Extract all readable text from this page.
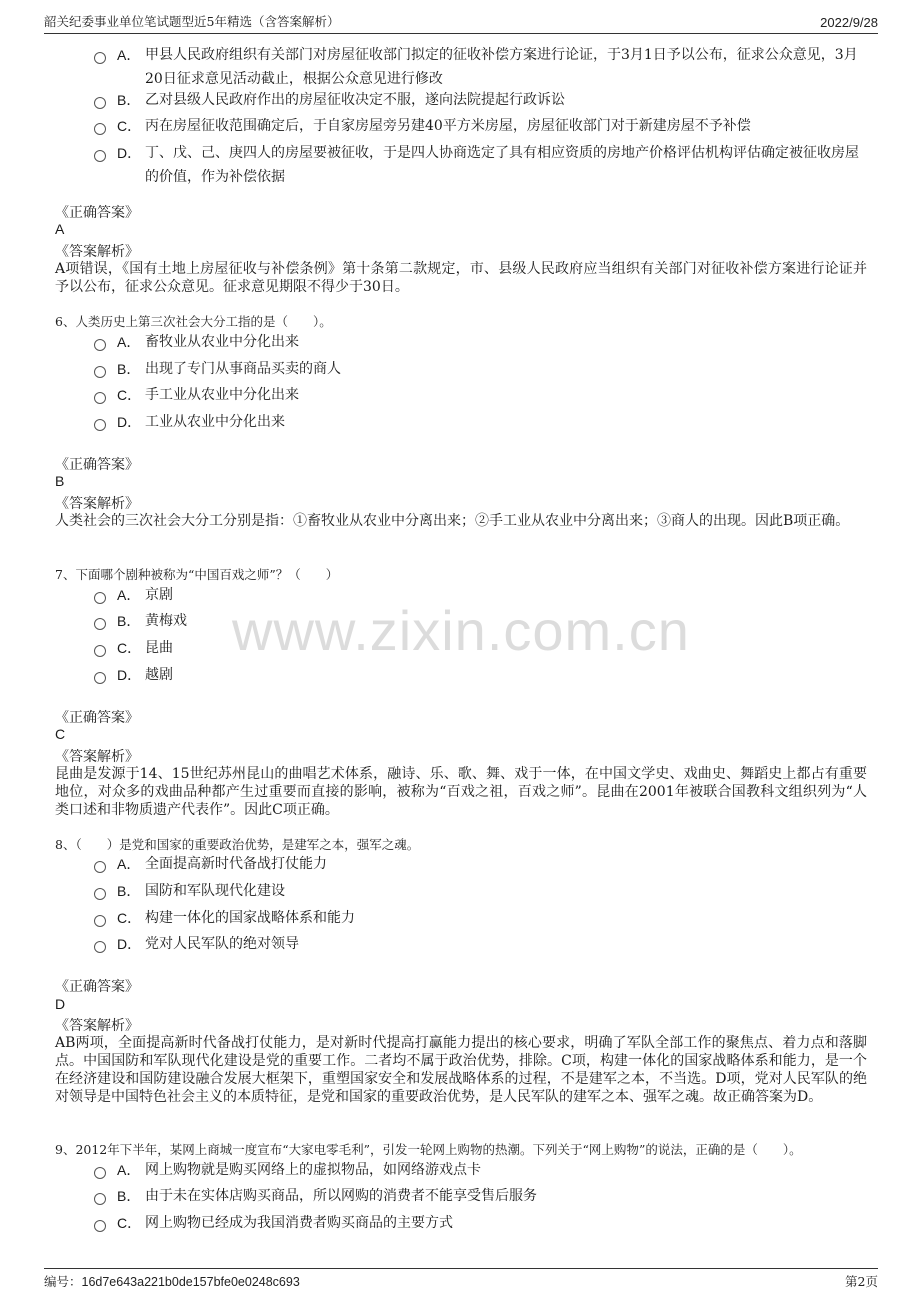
韶关纪委事业单位笔试题型近5年精选（含答案解析）	2022/9/28
www.zixin.com.cn
A． 甲县人民政府组织有关部门对房屋征收部门拟定的征收补偿方案进行论证，于3月1日予以公布，征求公众意见，3月20日征求意见活动截止，根据公众意见进行修改
B． 乙对县级人民政府作出的房屋征收决定不服，遂向法院提起行政诉讼
C． 丙在房屋征收范围确定后，于自家房屋旁另建40平方米房屋，房屋征收部门对于新建房屋不予补偿
D． 丁、戊、己、庚四人的房屋要被征收，于是四人协商选定了具有相应资质的房地产价格评估机构评估确定被征收房屋的价值，作为补偿依据
《正确答案》
A
《答案解析》
A项错误，《国有土地上房屋征收与补偿条例》第十条第二款规定，市、县级人民政府应当组织有关部门对征收补偿方案进行论证并予以公布，征求公众意见。征求意见期限不得少于30日。
6、人类历史上第三次社会大分工指的是（　　）。
A． 畜牧业从农业中分化出来
B． 出现了专门从事商品买卖的商人
C． 手工业从农业中分化出来
D． 工业从农业中分化出来
《正确答案》
B
《答案解析》
人类社会的三次社会大分工分别是指：①畜牧业从农业中分离出来；②手工业从农业中分离出来；③商人的出现。因此B项正确。
7、下面哪个剧种被称为“中国百戏之师”？（　　）
A． 京剧
B． 黄梅戏
C． 昆曲
D． 越剧
《正确答案》
C
《答案解析》
昆曲是发源于14、15世纪苏州昆山的曲唱艺术体系，融诗、乐、歌、舞、戏于一体，在中国文学史、戏曲史、舞蹈史上都占有重要地位，对众多的戏曲品种都产生过重要而直接的影响，被称为“百戏之祖，百戏之师”。昆曲在2001年被联合国教科文组织列为“人类口述和非物质遗产代表作”。因此C项正确。
8、（　　）是党和国家的重要政治优势，是建军之本，强军之魂。
A． 全面提高新时代备战打仗能力
B． 国防和军队现代化建设
C． 构建一体化的国家战略体系和能力
D． 党对人民军队的绝对领导
《正确答案》
D
《答案解析》
AB两项，全面提高新时代备战打仗能力，是对新时代提高打赢能力提出的核心要求，明确了军队全部工作的聚焦点、着力点和落脚点。中国国防和军队现代化建设是党的重要工作。二者均不属于政治优势，排除。C项，构建一体化的国家战略体系和能力，是一个在经济建设和国防建设融合发展大框架下，重塑国家安全和发展战略体系的过程，不是建军之本，不当选。D项，党对人民军队的绝对领导是中国特色社会主义的本质特征，是党和国家的重要政治优势，是人民军队的建军之本、强军之魂。故正确答案为D。
9、2012年下半年，某网上商城一度宣布“大家电零毛利”，引发一轮网上购物的热潮。下列关于“网上购物”的说法，正确的是（　　）。
A． 网上购物就是购买网络上的虚拟物品，如网络游戏点卡
B． 由于未在实体店购买商品，所以网购的消费者不能享受售后服务
C． 网上购物已经成为我国消费者购买商品的主要方式
编号：16d7e643a221b0de157bfe0e0248c693	第2页
